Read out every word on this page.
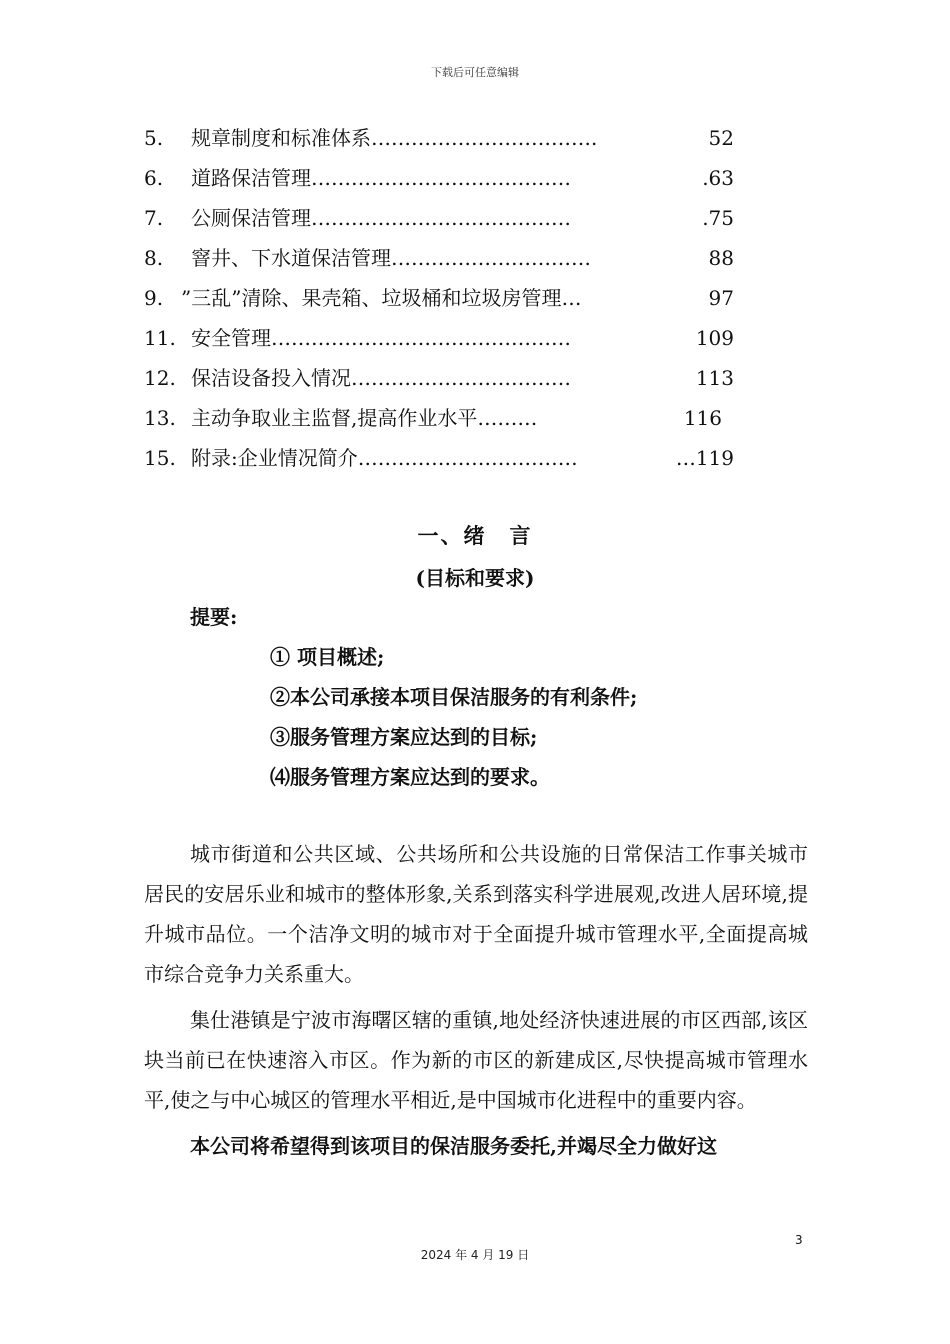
下载后可任意编辑
5. 规章制度和标准体系…………………………….	52
6. 道路保洁管理…………………………………	.63
7. 公厕保洁管理…………………………………	.75
8. 窨井、下水道保洁管理…………………………	88
9. ”三乱”清除、果壳箱、垃圾桶和垃圾房管理…	97
11. 安全管理………………………………………	109
12. 保洁设备投入情况……………………………	113
13. 主动争取业主监督,提高作业水平………	116
15. 附录:企业情况简介……………………………	…119
一、绪　言
(目标和要求)
提要:
① 项目概述;
②本公司承接本项目保洁服务的有利条件;
③服务管理方案应达到的目标;
⑷服务管理方案应达到的要求。

城市街道和公共区域、公共场所和公共设施的日常保洁工作事关城市居民的安居乐业和城市的整体形象,关系到落实科学进展观,改进人居环境,提升城市品位。一个洁净文明的城市对于全面提升城市管理水平,全面提高城市综合竞争力关系重大。

集仕港镇是宁波市海曙区辖的重镇,地处经济快速进展的市区西部,该区块当前已在快速溶入市区。作为新的市区的新建成区,尽快提高城市管理水平,使之与中心城区的管理水平相近,是中国城市化进程中的重要内容。

本公司将希望得到该项目的保洁服务委托,并竭尽全力做好这

3
2024 年 4 月 19 日
